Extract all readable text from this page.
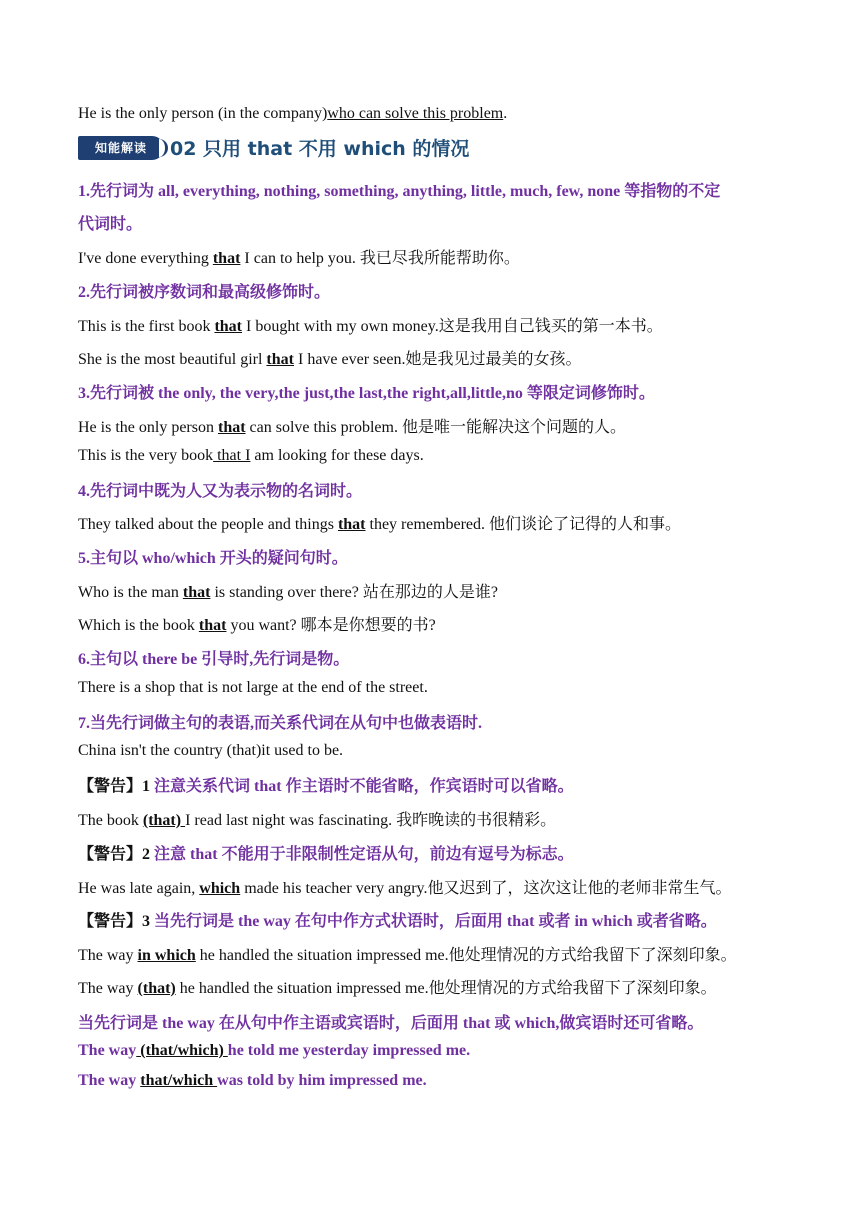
He is the only person (in the company)who can solve this problem.
知能解读	02 只用 that 不用 which 的情况
1.先行词为 all, everything, nothing, something, anything, little, much, few, none 等指物的不定
代词时。
I've done everything that I can to help you. 我已尽我所能帮助你。
2.先行词被序数词和最高级修饰时。
This is the first book that I bought with my own money.这是我用自己钱买的第一本书。
She is the most beautiful girl that I have ever seen.她是我见过最美的女孩。
3.先行词被 the only, the very,the just,the last,the right,all,little,no 等限定词修饰时。
He is the only person that can solve this problem. 他是唯一能解决这个问题的人。
This is the very book that I am looking for these days.
4.先行词中既为人又为表示物的名词时。
They talked about the people and things that they remembered. 他们谈论了记得的人和事。
5.主句以 who/which 开头的疑问句时。
Who is the man that is standing over there? 站在那边的人是谁?
Which is the book that you want? 哪本是你想要的书?
6.主句以 there be 引导时,先行词是物。
There is a shop that is not large at the end of the street.
7.当先行词做主句的表语,而关系代词在从句中也做表语时.
China isn't the country (that)it used to be.
【警告】1 注意关系代词 that 作主语时不能省略，作宾语时可以省略。
The book (that) I read last night was fascinating. 我昨晚读的书很精彩。
【警告】2 注意 that 不能用于非限制性定语从句，前边有逗号为标志。
He was late again, which made his teacher very angry.他又迟到了，这次这让他的老师非常生气。
【警告】3 当先行词是 the way 在句中作方式状语时，后面用 that 或者 in which 或者省略。
The way in which he handled the situation impressed me.他处理情况的方式给我留下了深刻印象。
The way (that) he handled the situation impressed me.他处理情况的方式给我留下了深刻印象。
当先行词是 the way 在从句中作主语或宾语时，后面用 that 或 which,做宾语时还可省略。
The way (that/which) he told me yesterday impressed me.
The way that/which was told by him impressed me.
